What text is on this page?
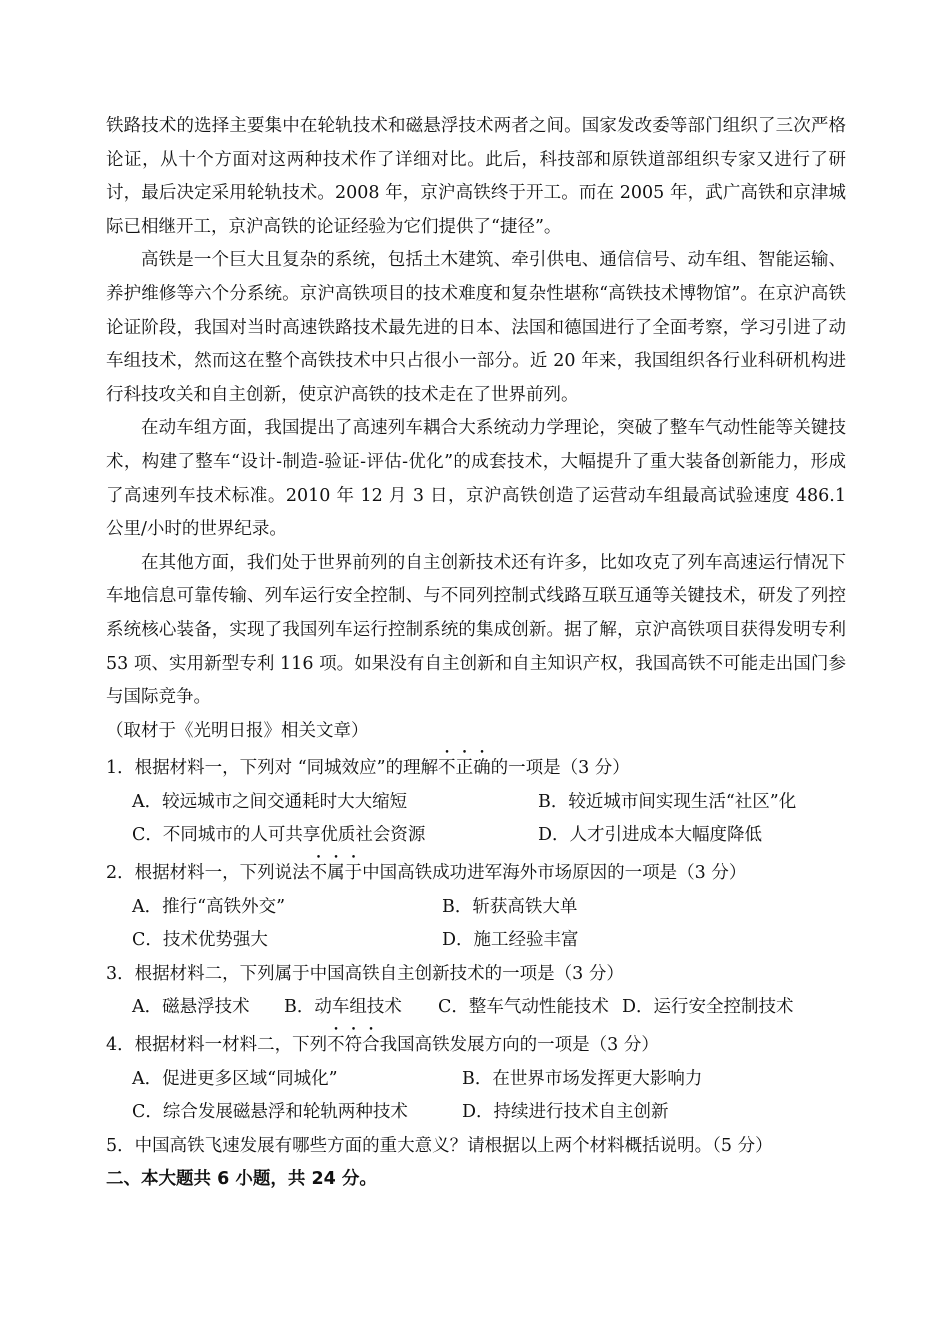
铁路技术的选择主要集中在轮轨技术和磁悬浮技术两者之间。国家发改委等部门组织了三次严格论证，从十个方面对这两种技术作了详细对比。此后，科技部和原铁道部组织专家又进行了研讨，最后决定采用轮轨技术。2008 年，京沪高铁终于开工。而在 2005 年，武广高铁和京津城际已相继开工，京沪高铁的论证经验为它们提供了“捷径”。

高铁是一个巨大且复杂的系统，包括土木建筑、牵引供电、通信信号、动车组、智能运输、养护维修等六个分系统。京沪高铁项目的技术难度和复杂性堪称“高铁技术博物馆”。在京沪高铁论证阶段，我国对当时高速铁路技术最先进的日本、法国和德国进行了全面考察，学习引进了动车组技术，然而这在整个高铁技术中只占很小一部分。近 20 年来，我国组织各行业科研机构进行科技攻关和自主创新，使京沪高铁的技术走在了世界前列。

在动车组方面，我国提出了高速列车耦合大系统动力学理论，突破了整车气动性能等关键技术，构建了整车“设计-制造-验证-评估-优化”的成套技术，大幅提升了重大装备创新能力，形成了高速列车技术标准。2010 年 12 月 3 日，京沪高铁创造了运营动车组最高试验速度 486.1 公里/小时的世界纪录。

在其他方面，我们处于世界前列的自主创新技术还有许多，比如攻克了列车高速运行情况下车地信息可靠传输、列车运行安全控制、与不同列控制式线路互联互通等关键技术，研发了列控系统核心装备，实现了我国列车运行控制系统的集成创新。据了解，京沪高铁项目获得发明专利 53 项、实用新型专利 116 项。如果没有自主创新和自主知识产权，我国高铁不可能走出国门参与国际竞争。

（取材于《光明日报》相关文章）

1．根据材料一，下列对 “同城效应”的理解不正确的一项是（3 分）
A．较远城市之间交通耗时大大缩短	B．较近城市间实现生活“社区”化
C．不同城市的人可共享优质社会资源	D．人才引进成本大幅度降低
2．根据材料一，下列说法不属于中国高铁成功进军海外市场原因的一项是（3 分）
A．推行“高铁外交”	B．斩获高铁大单
C．技术优势强大	D．施工经验丰富
3．根据材料二，下列属于中国高铁自主创新技术的一项是（3 分）
A．磁悬浮技术	B．动车组技术	C．整车气动性能技术 D．运行安全控制技术
4．根据材料一材料二，下列不符合我国高铁发展方向的一项是（3 分）
A．促进更多区域“同城化”	B．在世界市场发挥更大影响力
C．综合发展磁悬浮和轮轨两种技术	D．持续进行技术自主创新
5．中国高铁飞速发展有哪些方面的重大意义？请根据以上两个材料概括说明。（5 分）
二、本大题共 6 小题，共 24 分。
